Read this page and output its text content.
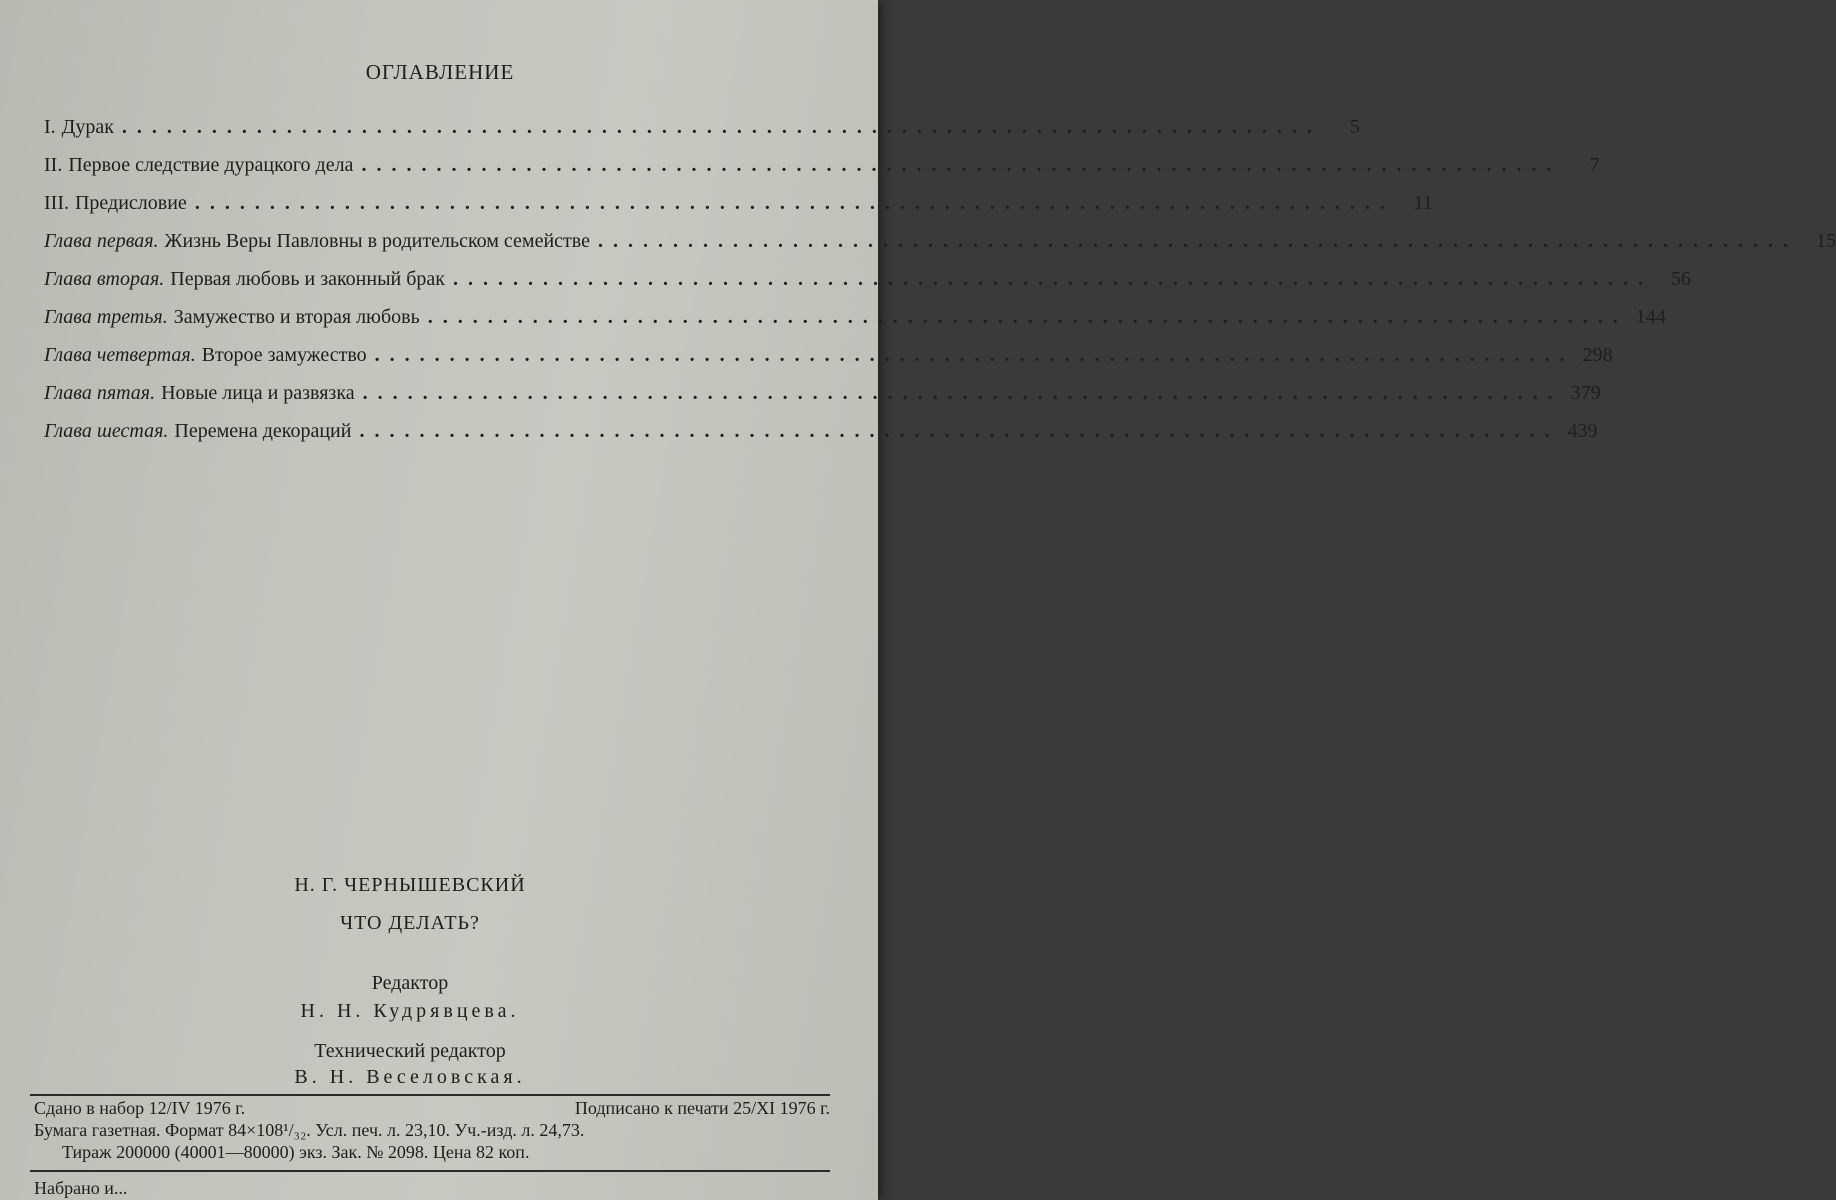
ОГЛАВЛЕНИЕ
I. Дурак ................................................................................	5
II. Первое следствие дурацкого дела ................................................................................	7
III. Предисловие ................................................................................ 11
Глава первая. Жизнь Веры Павловны в родительском семействе ................................................................................ 15
Глава вторая. Первая любовь и законный брак ................................................................................ 56
Глава третья. Замужество и вторая любовь ................................................................................ 144
Глава четвертая. Второе замужество ................................................................................ 298
Глава пятая. Новые лица и развязка ................................................................................ 379
Глава шестая. Перемена декораций ................................................................................ 439
Н. Г. ЧЕРНЫШЕВСКИЙ
ЧТО ДЕЛАТЬ?
Редактор
Н. Н. Кудрявцева.
Технический редактор
В. Н. Веселовская.
Сдано в набор 12/IV 1976 г.	Подписано к печати 25/XI 1976 г.
Бумага газетная. Формат 84×108¹/₃₂. Усл. печ. л. 23,10. Уч.-изд. л. 24,73.
Тираж 200000 (40001—80000) экз. Зак. № 2098. Цена 82 коп.
Набрано и...
